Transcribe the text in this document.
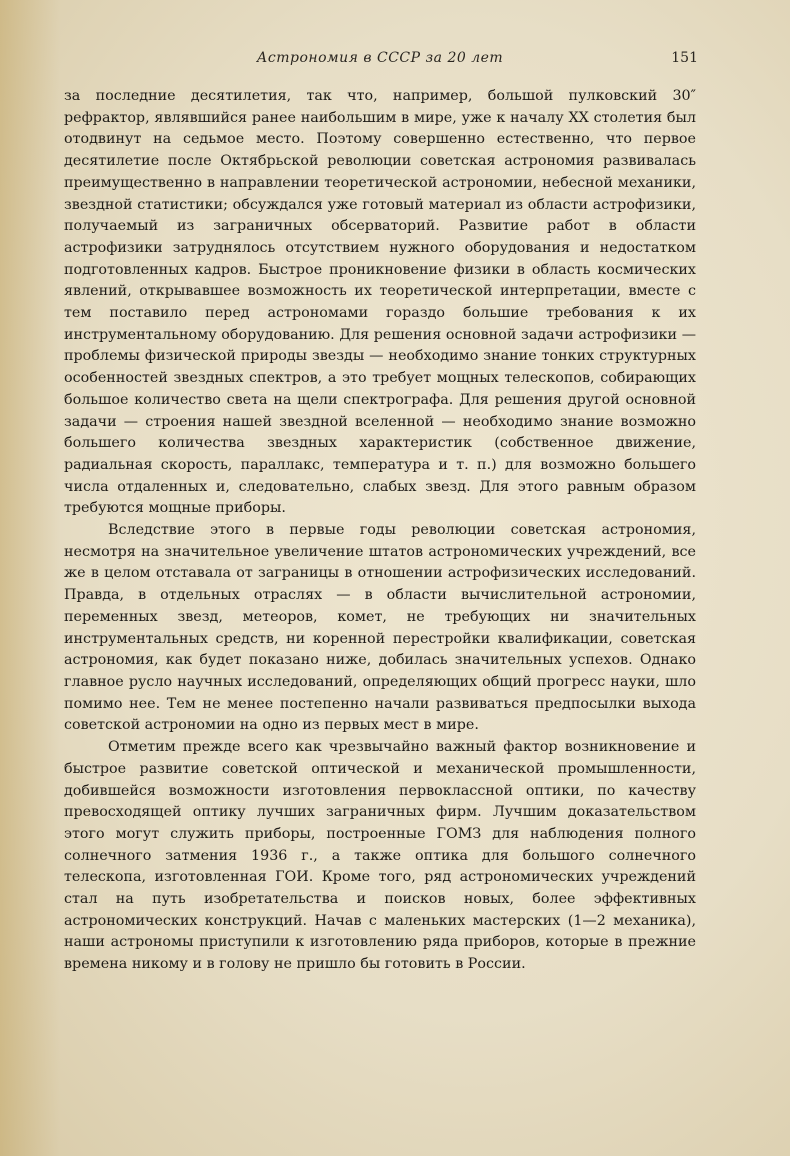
Астрономия в СССР за 20 лет	151

за последние десятилетия, так что, например, большой пулковский 30″ рефрактор, являвшийся ранее наибольшим в мире, уже к началу XX столетия был отодвинут на седьмое место. Поэтому совершенно естественно, что первое десятилетие после Октябрьской революции советская астрономия развивалась преимущественно в направлении теоретической астрономии, небесной механики, звездной статистики; обсуждался уже готовый материал из области астрофизики, получаемый из заграничных обсерваторий. Развитие работ в области астрофизики затруднялось отсутствием нужного оборудования и недостатком подготовленных кадров. Быстрое проникновение физики в область космических явлений, открывавшее возможность их теоретической интерпретации, вместе с тем поставило перед астрономами гораздо большие требования к их инструментальному оборудованию. Для решения основной задачи астрофизики — проблемы физической природы звезды — необходимо знание тонких структурных особенностей звездных спектров, а это требует мощных телескопов, собирающих большое количество света на щели спектрографа. Для решения другой основной задачи — строения нашей звездной вселенной — необходимо знание возможно большего количества звездных характеристик (собственное движение, радиальная скорость, параллакс, температура и т. п.) для возможно большего числа отдаленных и, следовательно, слабых звезд. Для этого равным образом требуются мощные приборы.

Вследствие этого в первые годы революции советская астрономия, несмотря на значительное увеличение штатов астрономических учреждений, все же в целом отставала от заграницы в отношении астрофизических исследований. Правда, в отдельных отраслях — в области вычислительной астрономии, переменных звезд, метеоров, комет, не требующих ни значительных инструментальных средств, ни коренной перестройки квалификации, советская астрономия, как будет показано ниже, добилась значительных успехов. Однако главное русло научных исследований, определяющих общий прогресс науки, шло помимо нее. Тем не менее постепенно начали развиваться предпосылки выхода советской астрономии на одно из первых мест в мире.

Отметим прежде всего как чрезвычайно важный фактор возникновение и быстрое развитие советской оптической и механической промышленности, добившейся возможности изготовления первоклассной оптики, по качеству превосходящей оптику лучших заграничных фирм. Лучшим доказательством этого могут служить приборы, построенные ГОМЗ для наблюдения полного солнечного затмения 1936 г., а также оптика для большого солнечного телескопа, изготовленная ГОИ. Кроме того, ряд астрономических учреждений стал на путь изобретательства и поисков новых, более эффективных астрономических конструкций. Начав с маленьких мастерских (1—2 механика), наши астрономы приступили к изготовлению ряда приборов, которые в прежние времена никому и в голову не пришло бы готовить в России.
